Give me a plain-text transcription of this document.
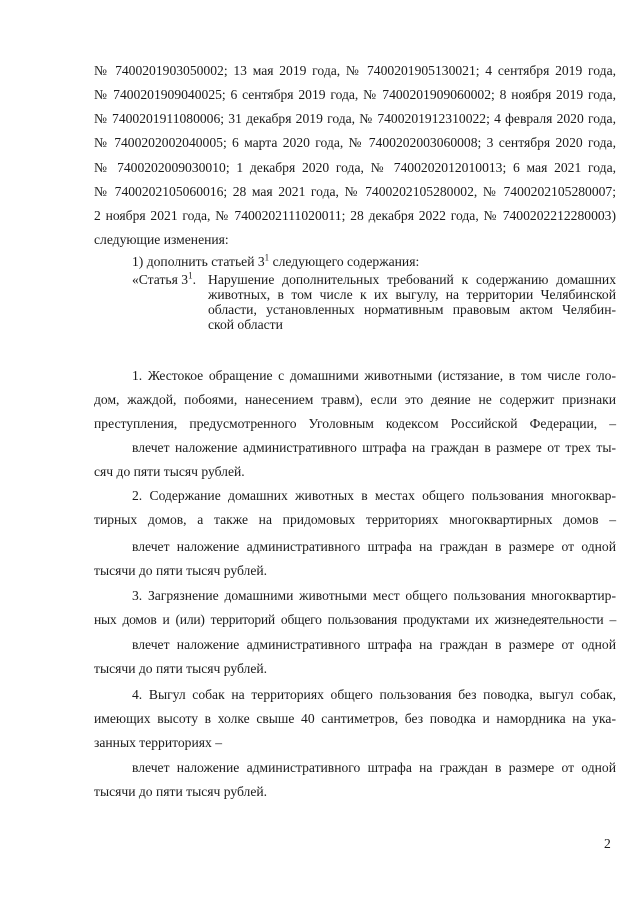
№ 7400201903050002; 13 мая 2019 года, № 7400201905130021; 4 сентября 2019 года,
№ 7400201909040025; 6 сентября 2019 года, № 7400201909060002; 8 ноября 2019 года,
№ 7400201911080006; 31 декабря 2019 года, № 7400201912310022; 4 февраля 2020 года,
№ 7400202002040005; 6 марта 2020 года, № 7400202003060008; 3 сентября 2020 года,
№ 7400202009030010; 1 декабря 2020 года, № 7400202012010013; 6 мая 2021 года,
№ 7400202105060016; 28 мая 2021 года, № 7400202105280002, № 7400202105280007;
2 ноября 2021 года, № 7400202111020011; 28 декабря 2022 года, № 7400202212280003)
следующие изменения:
1) дополнить статьей $3^1$ следующего содержания:
«Статья $3^1$. Нарушение дополнительных требований к содержанию домашних
животных, в том числе к их выгулу, на территории Челябинской
области, установленных нормативным правовым актом Челябин-
ской области
1. Жестокое обращение с домашними животными (истязание, в том числе голо-
дом, жаждой, побоями, нанесением травм), если это деяние не содержит признаки
преступления, предусмотренного Уголовным кодексом Российской Федерации, –
влечет наложение административного штрафа на граждан в размере от трех ты-
сяч до пяти тысяч рублей.
2. Содержание домашних животных в местах общего пользования многоквар-
тирных домов, а также на придомовых территориях многоквартирных домов –
влечет наложение административного штрафа на граждан в размере от одной
тысячи до пяти тысяч рублей.
3. Загрязнение домашними животными мест общего пользования многоквартир-
ных домов и (или) территорий общего пользования продуктами их жизнедеятельности –
влечет наложение административного штрафа на граждан в размере от одной
тысячи до пяти тысяч рублей.
4. Выгул собак на территориях общего пользования без поводка, выгул собак,
имеющих высоту в холке свыше 40 сантиметров, без поводка и намордника на ука-
занных территориях –
влечет наложение административного штрафа на граждан в размере от одной
тысячи до пяти тысяч рублей.
2
